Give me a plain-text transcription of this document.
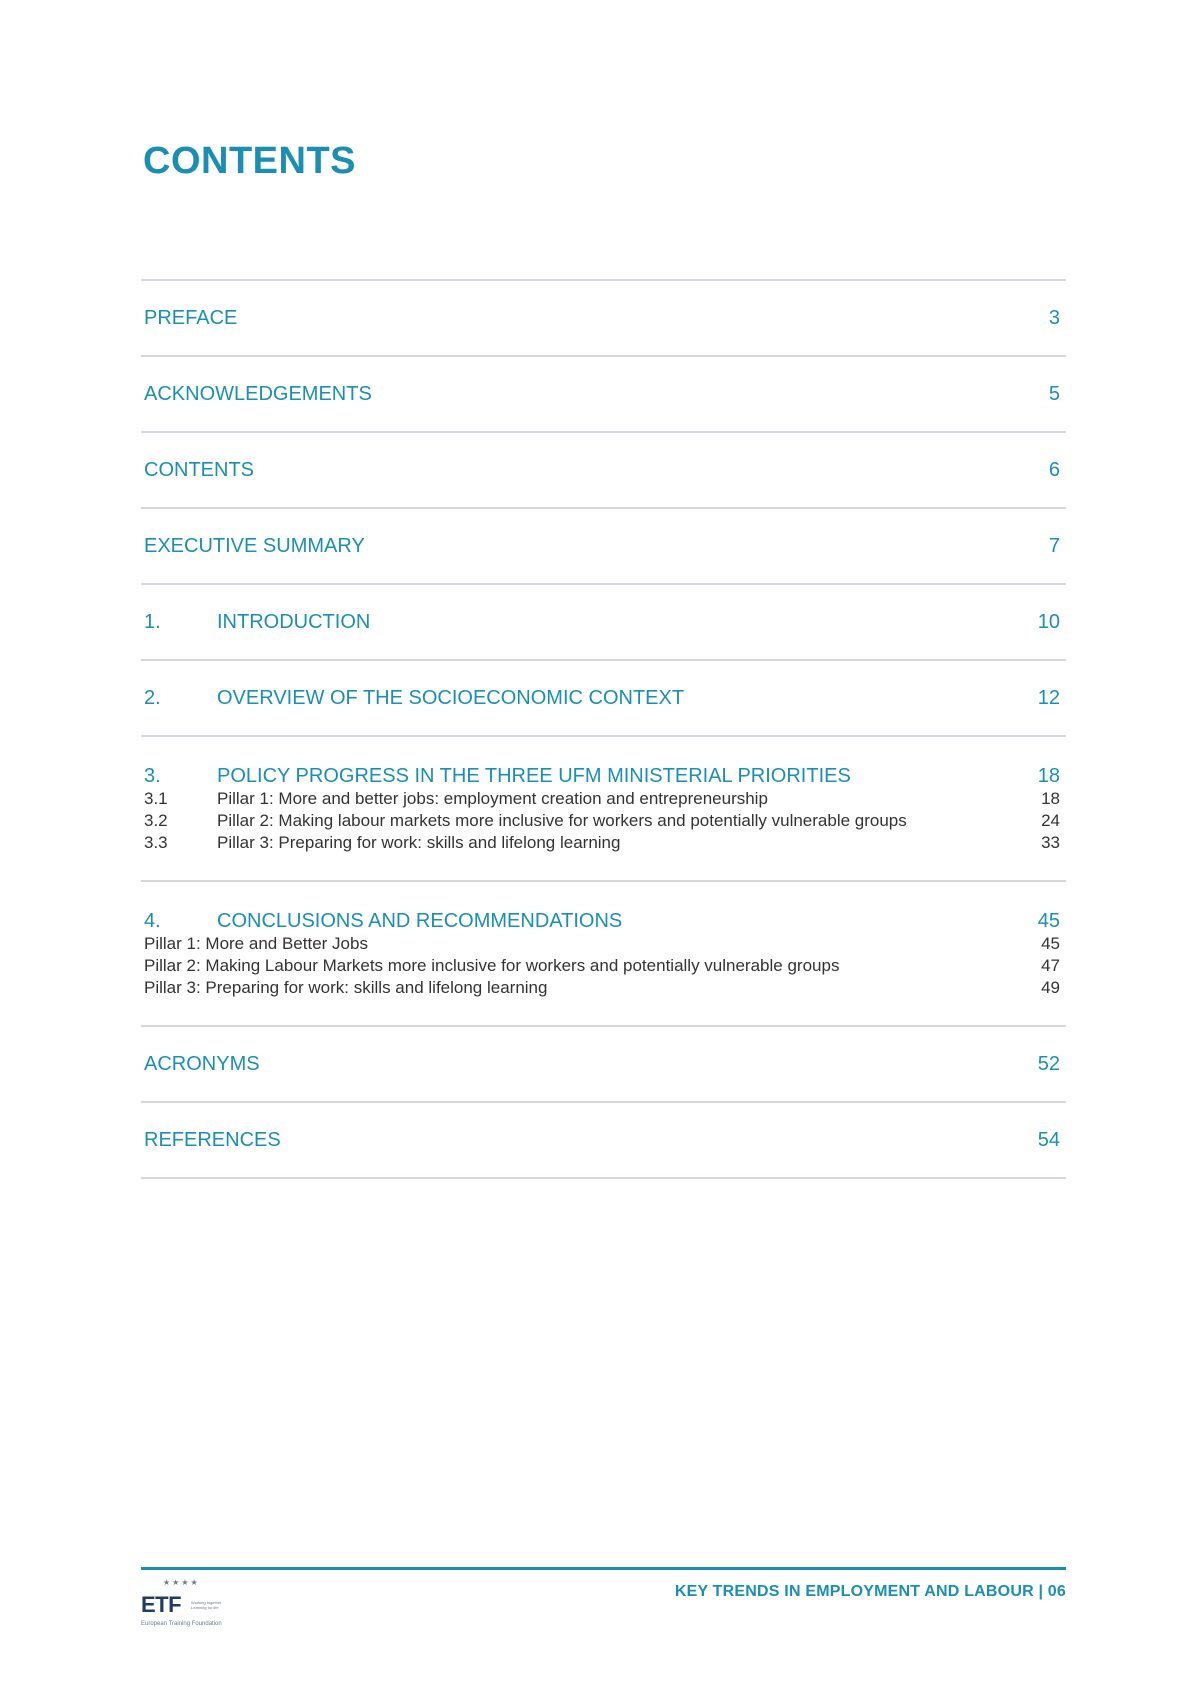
CONTENTS
PREFACE	3
ACKNOWLEDGEMENTS	5
CONTENTS	6
EXECUTIVE SUMMARY	7
1.	INTRODUCTION	10
2.	OVERVIEW OF THE SOCIOECONOMIC CONTEXT	12
3.	POLICY PROGRESS IN THE THREE UFM MINISTERIAL PRIORITIES	18
3.1	Pillar 1: More and better jobs: employment creation and entrepreneurship	18
3.2	Pillar 2: Making labour markets more inclusive for workers and potentially vulnerable groups	24
3.3	Pillar 3: Preparing for work: skills and lifelong learning	33
4.	CONCLUSIONS AND RECOMMENDATIONS	45
Pillar 1: More and Better Jobs	45
Pillar 2: Making Labour Markets more inclusive for workers and potentially vulnerable groups	47
Pillar 3: Preparing for work: skills and lifelong learning	49
ACRONYMS	52
REFERENCES	54
★★★★
ETF Working together Learning for life
European Training Foundation
KEY TRENDS IN EMPLOYMENT AND LABOUR | 06
